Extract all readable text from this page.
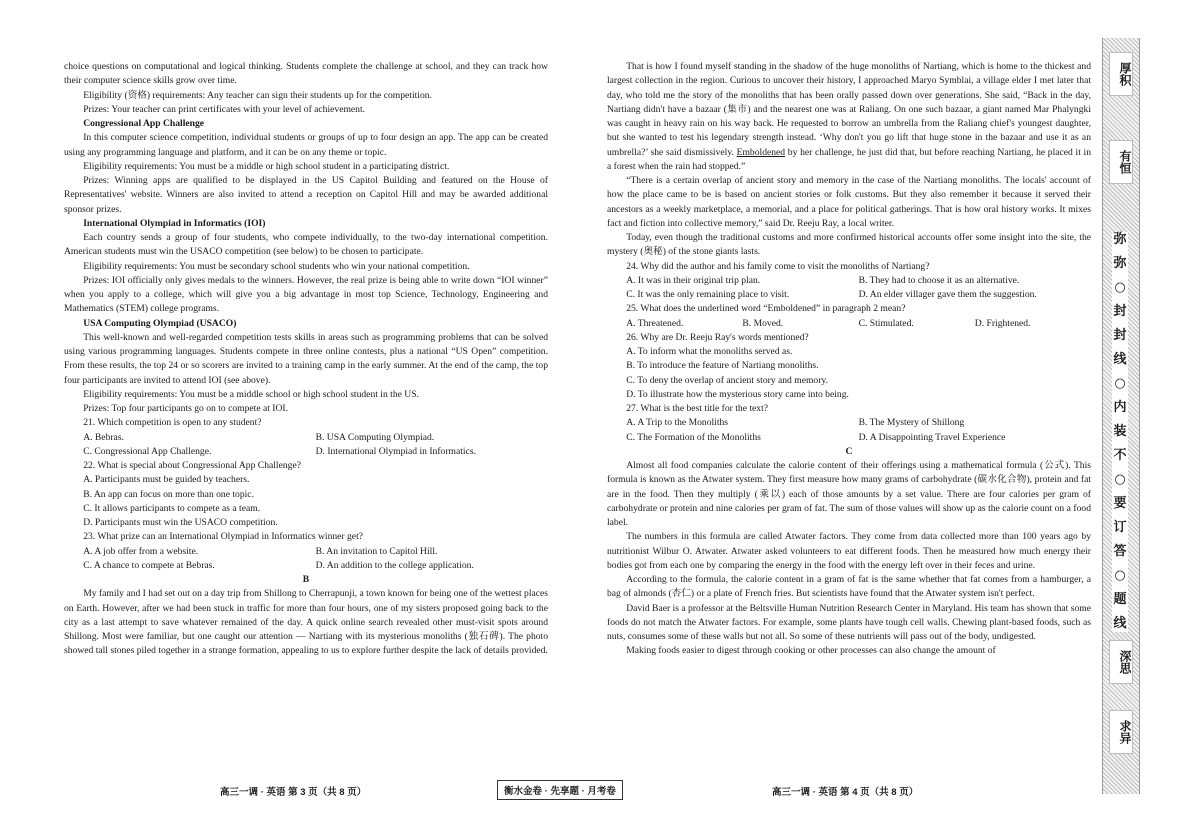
choice questions on computational and logical thinking. Students complete the challenge at school, and they can track how their computer science skills grow over time.

Eligibility (资格) requirements: Any teacher can sign their students up for the competition.

Prizes: Your teacher can print certificates with your level of achievement.

Congressional App Challenge

In this computer science competition, individual students or groups of up to four design an app. The app can be created using any programming language and platform, and it can be on any theme or topic.

Eligibility requirements: You must be a middle or high school student in a participating district.

Prizes: Winning apps are qualified to be displayed in the US Capitol Building and featured on the House of Representatives' website. Winners are also invited to attend a reception on Capitol Hill and may be awarded additional sponsor prizes.

International Olympiad in Informatics (IOI)

Each country sends a group of four students, who compete individually, to the two-day international competition. American students must win the USACO competition (see below) to be chosen to participate.

Eligibility requirements: You must be secondary school students who win your national competition.

Prizes: IOI officially only gives medals to the winners. However, the real prize is being able to write down “IOI winner” when you apply to a college, which will give you a big advantage in most top Science, Technology, Engineering and Mathematics (STEM) college programs.

USA Computing Olympiad (USACO)

This well-known and well-regarded competition tests skills in areas such as programming problems that can be solved using various programming languages. Students compete in three online contests, plus a national “US Open” competition. From these results, the top 24 or so scorers are invited to a training camp in the early summer. At the end of the camp, the top four participants are invited to attend IOI (see above).

Eligibility requirements: You must be a middle school or high school student in the US.

Prizes: Top four participants go on to compete at IOI.

21. Which competition is open to any student?

A. Bebras.	B. USA Computing Olympiad.
C. Congressional App Challenge.	D. International Olympiad in Informatics.

22. What is special about Congressional App Challenge?

A. Participants must be guided by teachers.
B. An app can focus on more than one topic.
C. It allows participants to compete as a team.
D. Participants must win the USACO competition.

23. What prize can an International Olympiad in Informatics winner get?

A. A job offer from a website.	B. An invitation to Capitol Hill.
C. A chance to compete at Bebras.	D. An addition to the college application.
B

My family and I had set out on a day trip from Shillong to Cherrapunji, a town known for being one of the wettest places on Earth. However, after we had been stuck in traffic for more than four hours, one of my sisters proposed going back to the city as a last attempt to save whatever remained of the day. A quick online search revealed other must-visit spots around Shillong. Most were familiar, but one caught our attention — Nartiang with its mysterious monoliths (独石碑). The photo showed tall stones piled together in a strange formation, appealing to us to explore further despite the lack of details provided.

That is how I found myself standing in the shadow of the huge monoliths of Nartiang, which is home to the thickest and largest collection in the region. Curious to uncover their history, I approached Maryo Symblai, a village elder I met later that day, who told me the story of the monoliths that has been orally passed down over generations. She said, “Back in the day, Nartiang didn't have a bazaar (集市) and the nearest one was at Raliang. On one such bazaar, a giant named Mar Phalyngki was caught in heavy rain on his way back. He requested to borrow an umbrella from the Raliang chief's youngest daughter, but she wanted to test his legendary strength instead. ‘Why don't you go lift that huge stone in the bazaar and use it as an umbrella?’ she said dismissively. Emboldened by her challenge, he just did that, but before reaching Nartiang, he placed it in a forest when the rain had stopped.”

“There is a certain overlap of ancient story and memory in the case of the Nartiang monoliths. The locals' account of how the place came to be is based on ancient stories or folk customs. But they also remember it because it served their ancestors as a weekly marketplace, a memorial, and a place for political gatherings. That is how oral history works. It mixes fact and fiction into collective memory,” said Dr. Reeju Ray, a local writer.

Today, even though the traditional customs and more confirmed historical accounts offer some insight into the site, the mystery (奥秘) of the stone giants lasts.

24. Why did the author and his family come to visit the monoliths of Nartiang?

A. It was in their original trip plan.	B. They had to choose it as an alternative.
C. It was the only remaining place to visit.	D. An elder villager gave them the suggestion.

25. What does the underlined word “Emboldened” in paragraph 2 mean?

A. Threatened.	B. Moved.	C. Stimulated.	D. Frightened.

26. Why are Dr. Reeju Ray's words mentioned?

A. To inform what the monoliths served as.
B. To introduce the feature of Nartiang monoliths.
C. To deny the overlap of ancient story and memory.
D. To illustrate how the mysterious story came into being.

27. What is the best title for the text?

A. A Trip to the Monoliths	B. The Mystery of Shillong
C. The Formation of the Monoliths	D. A Disappointing Travel Experience
C

Almost all food companies calculate the calorie content of their offerings using a mathematical formula (公式). This formula is known as the Atwater system. They first measure how many grams of carbohydrate (碳水化合物), protein and fat are in the food. Then they multiply (乘以) each of those amounts by a set value. There are four calories per gram of carbohydrate or protein and nine calories per gram of fat. The sum of those values will show up as the calorie count on a food label.

The numbers in this formula are called Atwater factors. They come from data collected more than 100 years ago by nutritionist Wilbur O. Atwater. Atwater asked volunteers to eat different foods. Then he measured how much energy their bodies got from each one by comparing the energy in the food with the energy left over in their feces and urine.

According to the formula, the calorie content in a gram of fat is the same whether that fat comes from a hamburger, a bag of almonds (杏仁) or a plate of French fries. But scientists have found that the Atwater system isn't perfect.

David Baer is a professor at the Beltsville Human Nutrition Research Center in Maryland. His team has shown that some foods do not match the Atwater factors. For example, some plants have tough cell walls. Chewing plant-based foods, such as nuts, consumes some of these walls but not all. So some of these nutrients will pass out of the body, undigested.

Making foods easier to digest through cooking or other processes can also change the amount of

高三一调 · 英语 第 3 页（共 8 页）	衡水金卷 · 先享题 · 月考卷	高三一调 · 英语 第 4 页（共 8 页）
厚积
有恒
深思
求异
弥
弥
○
封
封
线
○
内
装
不
○
要
订
答
○
题
线
